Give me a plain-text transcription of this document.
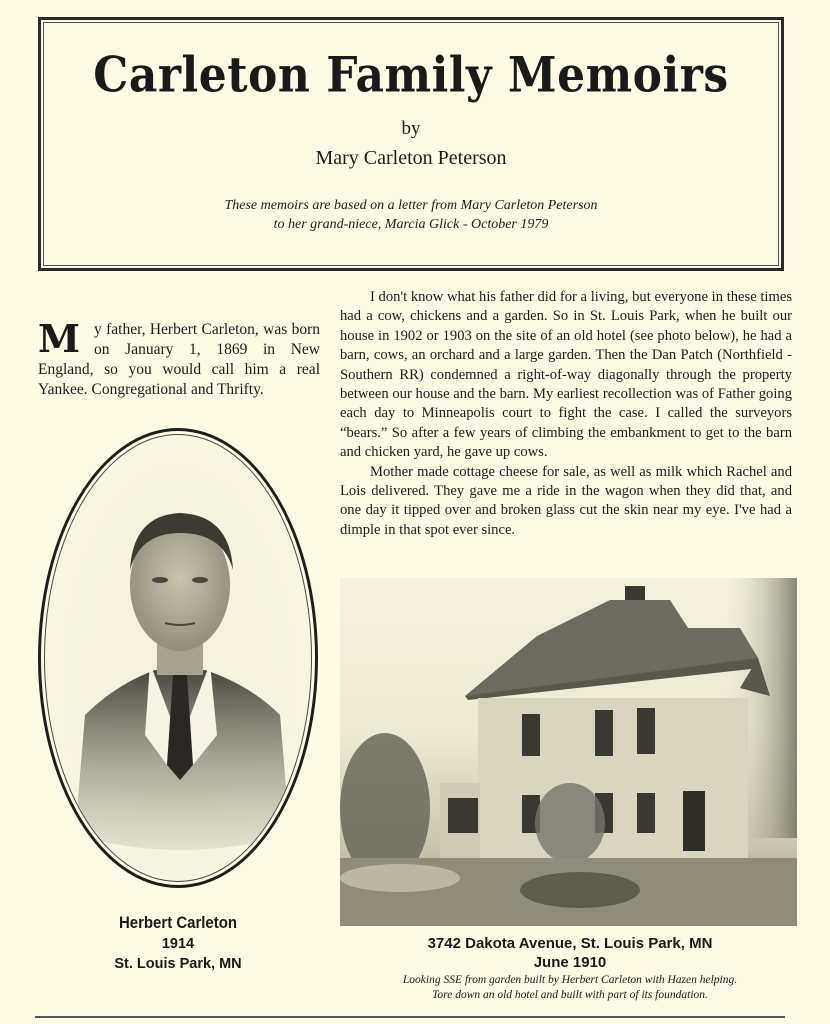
Carleton Family Memoirs
by
Mary Carleton Peterson
These memoirs are based on a letter from Mary Carleton Peterson
to her grand-niece, Marcia Glick - October 1979
M y father, Herbert Carleton, was born on January 1, 1869 in New England, so you would call him a real Yankee. Congregational and Thrifty.

I don't know what his father did for a living, but everyone in these times had a cow, chickens and a garden. So in St. Louis Park, when he built our house in 1902 or 1903 on the site of an old hotel (see photo below), he had a barn, cows, an orchard and a large garden. Then the Dan Patch (Northfield - Southern RR) condemned a right-of-way diagonally through the property between our house and the barn. My earliest recollection was of Father going each day to Minneapolis court to fight the case. I called the surveyors “bears.” So after a few years of climbing the embankment to get to the barn and chicken yard, he gave up cows.

Mother made cottage cheese for sale, as well as milk which Rachel and Lois delivered. They gave me a ride in the wagon when they did that, and one day it tipped over and broken glass cut the skin near my eye. I've had a dimple in that spot ever since.

Herbert Carleton
1914
St. Louis Park, MN
3742 Dakota Avenue, St. Louis Park, MN
June 1910
Looking SSE from garden built by Herbert Carleton with Hazen helping.
Tore down an old hotel and built with part of its foundation.
